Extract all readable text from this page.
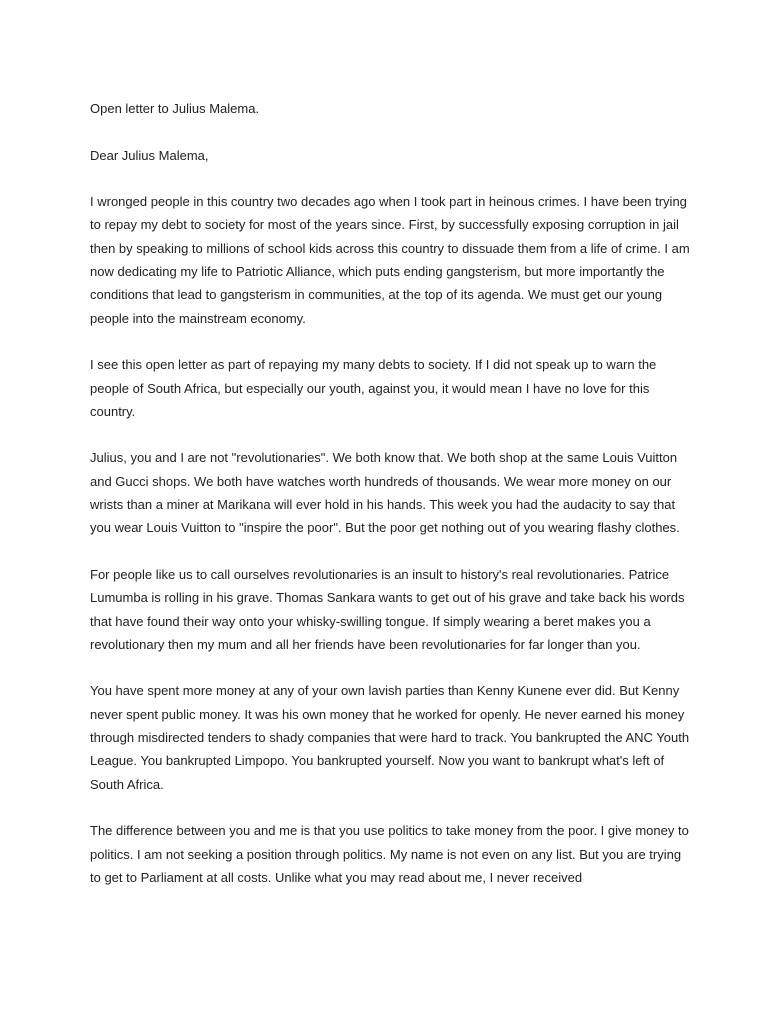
Open letter to Julius Malema.

Dear Julius Malema,

I wronged people in this country two decades ago when I took part in heinous crimes. I have been trying to repay my debt to society for most of the years since. First, by successfully exposing corruption in jail then by speaking to millions of school kids across this country to dissuade them from a life of crime. I am now dedicating my life to Patriotic Alliance, which puts ending gangsterism, but more importantly the conditions that lead to gangsterism in communities, at the top of its agenda. We must get our young people into the mainstream economy.

I see this open letter as part of repaying my many debts to society. If I did not speak up to warn the people of South Africa, but especially our youth, against you, it would mean I have no love for this country.

Julius, you and I are not "revolutionaries". We both know that. We both shop at the same Louis Vuitton and Gucci shops. We both have watches worth hundreds of thousands. We wear more money on our wrists than a miner at Marikana will ever hold in his hands. This week you had the audacity to say that you wear Louis Vuitton to "inspire the poor". But the poor get nothing out of you wearing flashy clothes.

For people like us to call ourselves revolutionaries is an insult to history's real revolutionaries. Patrice Lumumba is rolling in his grave. Thomas Sankara wants to get out of his grave and take back his words that have found their way onto your whisky-swilling tongue. If simply wearing a beret makes you a revolutionary then my mum and all her friends have been revolutionaries for far longer than you.

You have spent more money at any of your own lavish parties than Kenny Kunene ever did. But Kenny never spent public money. It was his own money that he worked for openly. He never earned his money through misdirected tenders to shady companies that were hard to track. You bankrupted the ANC Youth League. You bankrupted Limpopo. You bankrupted yourself. Now you want to bankrupt what's left of South Africa.

The difference between you and me is that you use politics to take money from the poor. I give money to politics. I am not seeking a position through politics. My name is not even on any list. But you are trying to get to Parliament at all costs. Unlike what you may read about me, I never received
